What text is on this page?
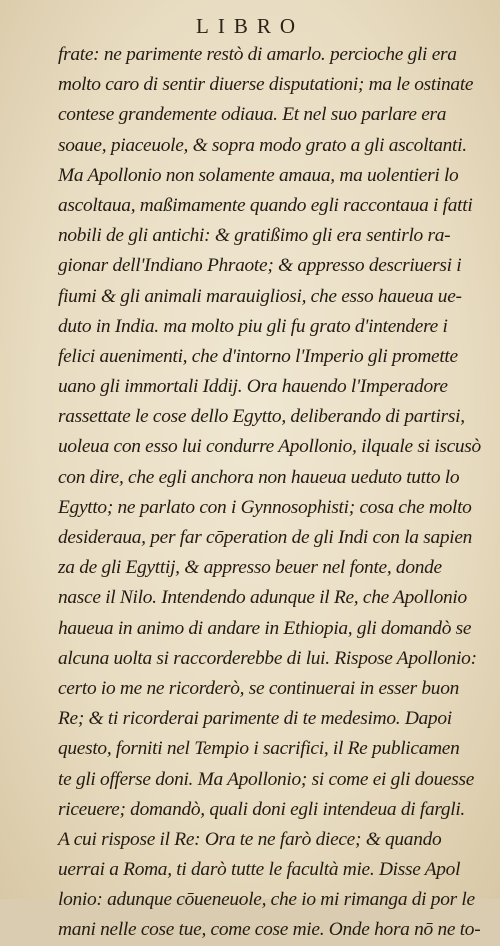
LIBRO
frate: ne parimente restò di amarlo. percioche gli era
molto caro di sentir diuerse disputationi; ma le ostinate
contese grandemente odiaua. Et nel suo parlare era
soaue, piaceuole, & sopra modo grato a gli ascoltanti.
Ma Apollonio non solamente amaua, ma uolentieri lo
ascoltaua, maßimamente quando egli raccontaua i fatti
nobili de gli antichi: & gratißimo gli era sentirlo ra-
gionar dell'Indiano Phraote; & appresso descriuersi i
fiumi & gli animali marauigliosi, che esso haueua ue-
duto in India. ma molto piu gli fu grato d'intendere i
felici auenimenti, che d'intorno l'Imperio gli promette
uano gli immortali Iddij. Ora hauendo l'Imperadore
rassettate le cose dello Egytto, deliberando di partirsi,
uoleua con esso lui condurre Apollonio, ilquale si iscusò
con dire, che egli anchora non haueua ueduto tutto lo
Egytto; ne parlato con i Gynnosophisti; cosa che molto
desideraua, per far cōperation de gli Indi con la sapien
za de gli Egyttij, & appresso beuer nel fonte, donde
nasce il Nilo. Intendendo adunque il Re, che Apollonio
haueua in animo di andare in Ethiopia, gli domandò se
alcuna uolta si raccorderebbe di lui. Rispose Apollonio:
certo io me ne ricorderò, se continuerai in esser buon
Re; & ti ricorderai parimente di te medesimo. Dapoi
questo, forniti nel Tempio i sacrifici, il Re publicamen
te gli offerse doni. Ma Apollonio; si come ei gli douesse
riceuere; domandò, quali doni egli intendeua di fargli.
A cui rispose il Re: Ora te ne farò diece; & quando
uerrai a Roma, ti darò tutte le facultà mie. Disse Apol
lonio: adunque cōueneuole, che io mi rimanga di por le
mani nelle cose tue, come cose mie. Onde hora nō ne to-
